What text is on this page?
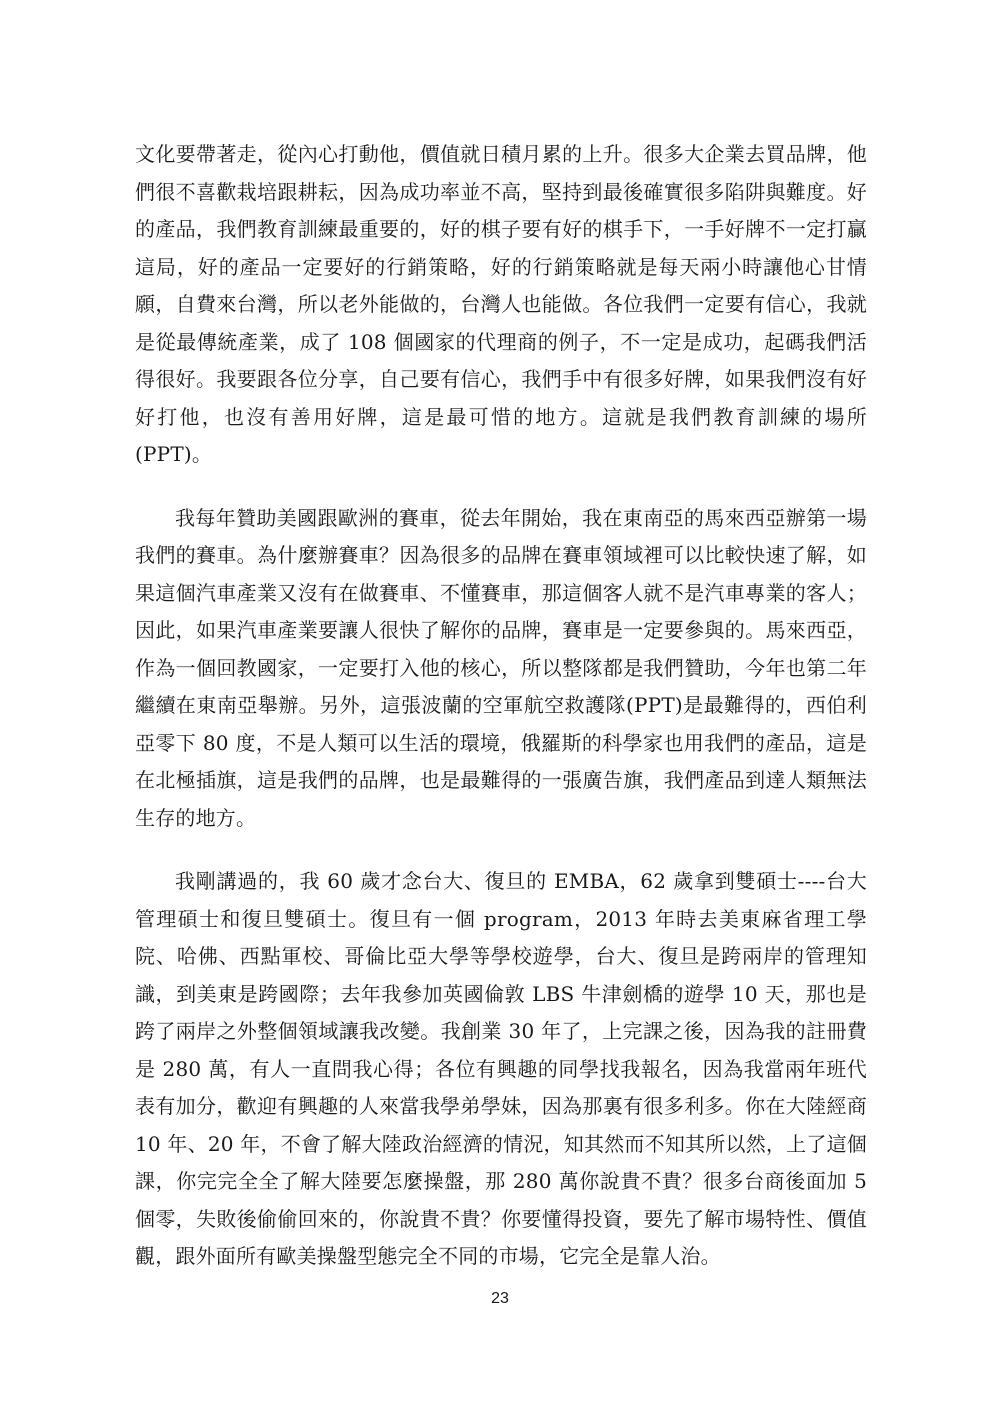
文化要帶著走，從內心打動他，價值就日積月累的上升。很多大企業去買品牌，他們很不喜歡栽培跟耕耘，因為成功率並不高，堅持到最後確實很多陷阱與難度。好的產品，我們教育訓練最重要的，好的棋子要有好的棋手下，一手好牌不一定打贏這局，好的產品一定要好的行銷策略，好的行銷策略就是每天兩小時讓他心甘情願，自費來台灣，所以老外能做的，台灣人也能做。各位我們一定要有信心，我就是從最傳統產業，成了 108 個國家的代理商的例子，不一定是成功，起碼我們活得很好。我要跟各位分享，自己要有信心，我們手中有很多好牌，如果我們沒有好好打他，也沒有善用好牌，這是最可惜的地方。這就是我們教育訓練的場所(PPT)。

我每年贊助美國跟歐洲的賽車，從去年開始，我在東南亞的馬來西亞辦第一場我們的賽車。為什麼辦賽車？因為很多的品牌在賽車領域裡可以比較快速了解，如果這個汽車產業又沒有在做賽車、不懂賽車，那這個客人就不是汽車專業的客人；因此，如果汽車產業要讓人很快了解你的品牌，賽車是一定要參與的。馬來西亞，作為一個回教國家，一定要打入他的核心，所以整隊都是我們贊助，今年也第二年繼續在東南亞舉辦。另外，這張波蘭的空軍航空救護隊(PPT)是最難得的，西伯利亞零下 80 度，不是人類可以生活的環境，俄羅斯的科學家也用我們的產品，這是在北極插旗，這是我們的品牌，也是最難得的一張廣告旗，我們產品到達人類無法生存的地方。

我剛講過的，我 60 歲才念台大、復旦的 EMBA，62 歲拿到雙碩士----台大管理碩士和復旦雙碩士。復旦有一個 program，2013 年時去美東麻省理工學院、哈佛、西點軍校、哥倫比亞大學等學校遊學，台大、復旦是跨兩岸的管理知識，到美東是跨國際；去年我參加英國倫敦 LBS 牛津劍橋的遊學 10 天，那也是跨了兩岸之外整個領域讓我改變。我創業 30 年了，上完課之後，因為我的註冊費是 280 萬，有人一直問我心得；各位有興趣的同學找我報名，因為我當兩年班代表有加分，歡迎有興趣的人來當我學弟學妹，因為那裏有很多利多。你在大陸經商 10 年、20 年，不會了解大陸政治經濟的情況，知其然而不知其所以然，上了這個課，你完完全全了解大陸要怎麼操盤，那 280 萬你說貴不貴？很多台商後面加 5 個零，失敗後偷偷回來的，你說貴不貴？你要懂得投資，要先了解市場特性、價值觀，跟外面所有歐美操盤型態完全不同的市場，它完全是靠人治。

23
